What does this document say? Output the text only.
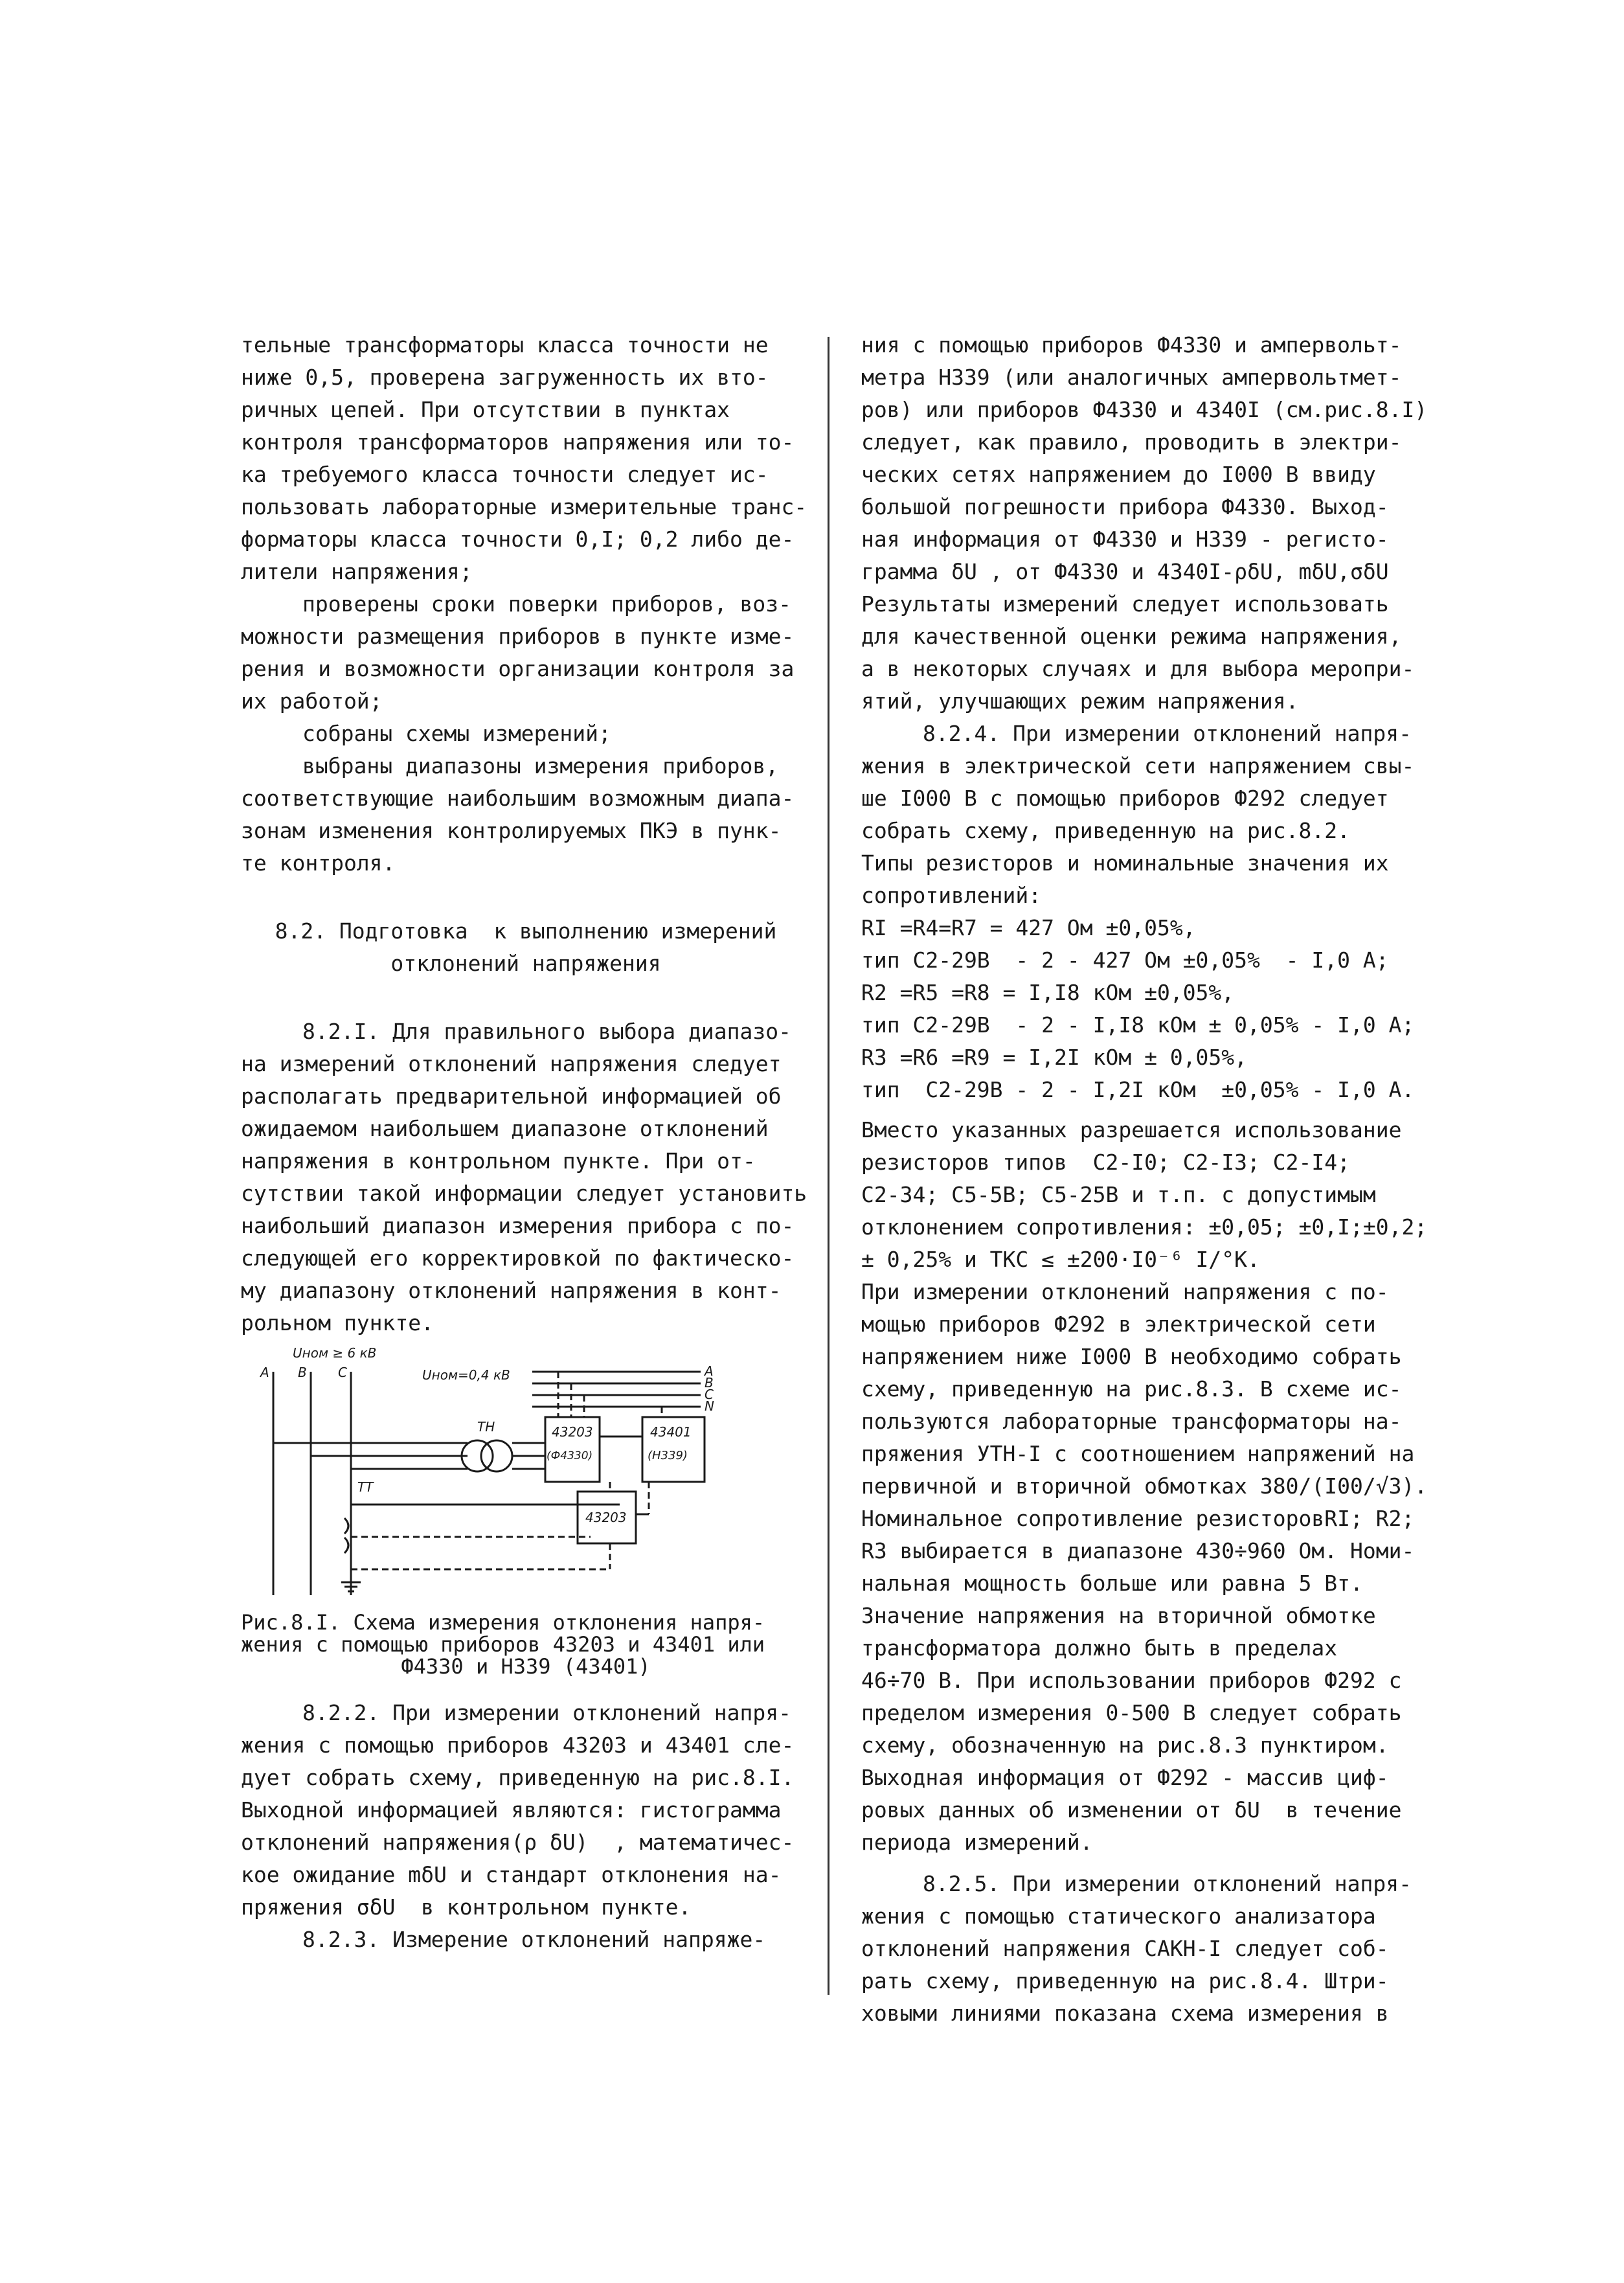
тельные трансформаторы класса точности не
ниже 0,5, проверена загруженность их вто-
ричных цепей. При отсутствии в пунктах
контроля трансформаторов напряжения или то-
ка требуемого класса точности следует ис-
пользовать лабораторные измерительные транс-
форматоры класса точности 0,I; 0,2 либо де-
лители напряжения;
проверены сроки поверки приборов, воз-
можности размещения приборов в пункте изме-
рения и возможности организации контроля за
их работой;
собраны схемы измерений;
выбраны диапазоны измерения приборов,
соответствующие наибольшим возможным диапа-
зонам изменения контролируемых ПКЭ в пунк-
те контроля.
8.2. Подготовка  к выполнению измерений
отклонений напряжения
8.2.I. Для правильного выбора диапазо-
на измерений отклонений напряжения следует
располагать предварительной информацией об
ожидаемом наибольшем диапазоне отклонений
напряжения в контрольном пункте. При от-
сутствии такой информации следует установить
наибольший диапазон измерения прибора с по-
следующей его корректировкой по фактическо-
му диапазону отклонений напряжения в конт-
рольном пункте.
Uном ≥ 6 кВ
Uном=0,4 кВ
A B C	A
B
C
N
ТН
ТТ
43203
(Ф4330)
43401
(Н339)
43203
Рис.8.I. Схема измерения отклонения напря-
жения с помощью приборов 43203 и 43401 или
Ф4330 и Н339 (43401)
8.2.2. При измерении отклонений напря-
жения с помощью приборов 43203 и 43401 сле-
дует собрать схему, приведенную на рис.8.I.
Выходной информацией являются: гистограмма
отклонений напряжения(ρ δU)  , математичес-
кое ожидание mδU и стандарт отклонения на-
пряжения σδU  в контрольном пункте.
8.2.3. Измерение отклонений напряже-
ния с помощью приборов Ф4330 и ампервольт-
метра Н339 (или аналогичных ампервольтмет-
ров) или приборов Ф4330 и 4340I (см.рис.8.I)
следует, как правило, проводить в электри-
ческих сетях напряжением до I000 В ввиду
большой погрешности прибора Ф4330. Выход-
ная информация от Ф4330 и Н339 - регисто-
грамма δU , от Ф4330 и 4340I-ρδU, mδU,σδU
Результаты измерений следует использовать
для качественной оценки режима напряжения,
а в некоторых случаях и для выбора меропри-
ятий, улучшающих режим напряжения.
8.2.4. При измерении отклонений напря-
жения в электрической сети напряжением свы-
ше I000 В с помощью приборов Ф292 следует
собрать схему, приведенную на рис.8.2.
Типы резисторов и номинальные значения их
сопротивлений:
RI =R4=R7 = 427 Ом ±0,05%,
тип С2-29В  - 2 - 427 Ом ±0,05%  - I,0 А;
R2 =R5 =R8 = I,I8 кОм ±0,05%,
тип С2-29В  - 2 - I,I8 кОм ± 0,05% - I,0 А;
R3 =R6 =R9 = I,2I кОм ± 0,05%,
тип  С2-29В - 2 - I,2I кОм  ±0,05% - I,0 А.
Вместо указанных разрешается использование
резисторов типов  С2-I0; С2-I3; С2-I4;
С2-34; С5-5В; С5-25В и т.п. с допустимым
отклонением сопротивления: ±0,05; ±0,I;±0,2;
± 0,25% и ТКС ≤ ±200·I0⁻⁶ I/°К.
При измерении отклонений напряжения с по-
мощью приборов Ф292 в электрической сети
напряжением ниже I000 В необходимо собрать
схему, приведенную на рис.8.3. В схеме ис-
пользуются лабораторные трансформаторы на-
пряжения УТН-I с соотношением напряжений на
первичной и вторичной обмотках 380/(I00/√3).
Номинальное сопротивление резисторовRI; R2;
R3 выбирается в диапазоне 430÷960 Ом. Номи-
нальная мощность больше или равна 5 Вт.
Значение напряжения на вторичной обмотке
трансформатора должно быть в пределах
46÷70 В. При использовании приборов Ф292 с
пределом измерения 0-500 В следует собрать
схему, обозначенную на рис.8.3 пунктиром.
Выходная информация от Ф292 - массив циф-
ровых данных об изменении от δU  в течение
периода измерений.
8.2.5. При измерении отклонений напря-
жения с помощью статического анализатора
отклонений напряжения САКН-I следует соб-
рать схему, приведенную на рис.8.4. Штри-
ховыми линиями показана схема измерения в
